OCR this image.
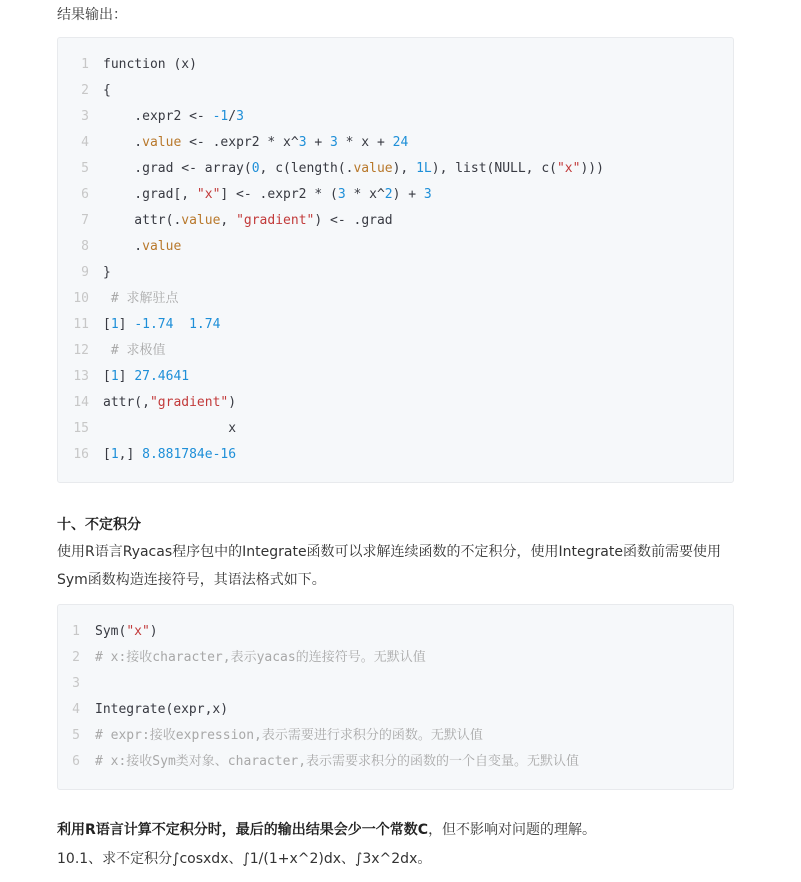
结果输出：
1 function (x)
2 {
3    .expr2 <- -1/3
4    .value <- .expr2 * x^3 + 3 * x + 24
5    .grad <- array(0, c(length(.value), 1L), list(NULL, c("x")))
6    .grad[, "x"] <- .expr2 * (3 * x^2) + 3
7    attr(.value, "gradient") <- .grad
8    .value
9 }
10 # 求解驻点
11 [1] -1.74  1.74
12 # 求极值
13 [1] 27.4641
14 attr(,"gradient")
15                x
16 [1,] 8.881784e-16
十、不定积分
使用R语言Ryacas程序包中的Integrate函数可以求解连续函数的不定积分，使用Integrate函数前需要使用Sym函数构造连接符号，其语法格式如下。
1 Sym("x")
2 # x:接收character,表示yacas的连接符号。无默认值
3
4 Integrate(expr,x)
5 # expr:接收expression,表示需要进行求积分的函数。无默认值
6 # x:接收Sym类对象、character,表示需要求积分的函数的一个自变量。无默认值
利用R语言计算不定积分时，最后的输出结果会少一个常数C，但不影响对问题的理解。
10.1、求不定积分∫cosxdx、∫1/(1+x^2)dx、∫3x^2dx。
